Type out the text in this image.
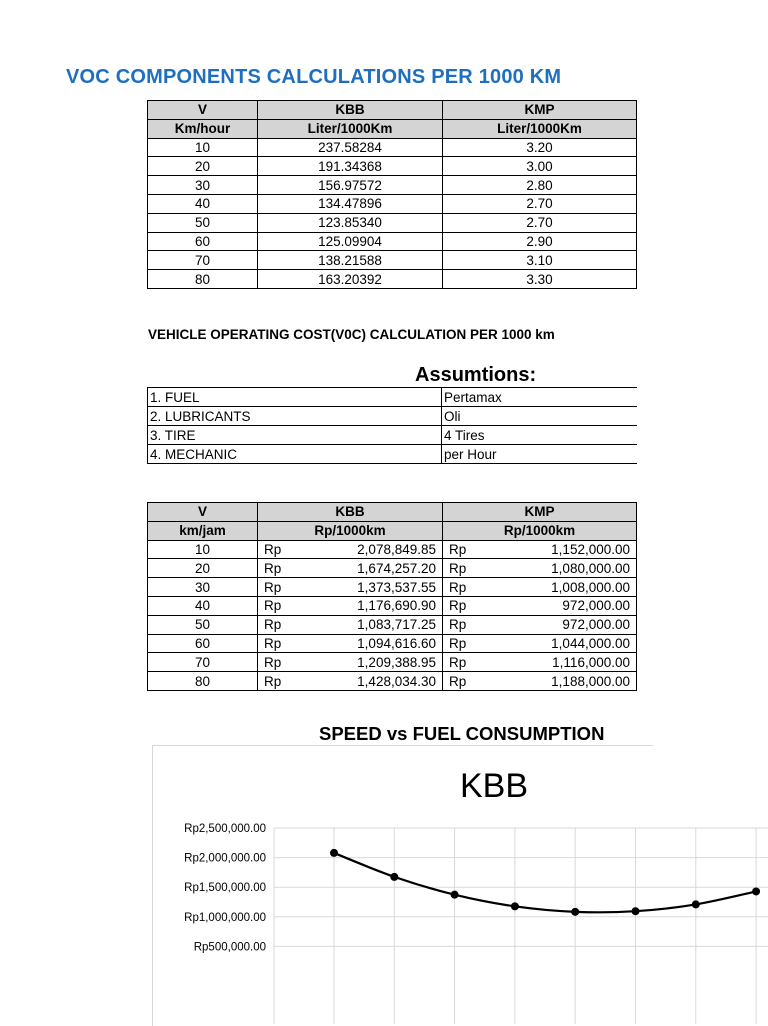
VOC COMPONENTS CALCULATIONS PER 1000 KM
V	KBB	KMP
Km/hour	Liter/1000Km	Liter/1000Km
10	237.58284	3.20
20	191.34368	3.00
30	156.97572	2.80
40	134.47896	2.70
50	123.85340	2.70
60	125.09904	2.90
70	138.21588	3.10
80	163.20392	3.30
VEHICLE OPERATING COST(V0C) CALCULATION PER 1000 km
Assumtions:
1. FUEL	Pertamax
2. LUBRICANTS	Oli
3. TIRE	4 Tires
4. MECHANIC	per Hour
V	KBB		KMP	
km/jam	Rp/1000km		Rp/1000km	
10	Rp	2,078,849.85	Rp	1,152,000.00
20	Rp	1,674,257.20	Rp	1,080,000.00
30	Rp	1,373,537.55	Rp	1,008,000.00
40	Rp	1,176,690.90	Rp	972,000.00
50	Rp	1,083,717.25	Rp	972,000.00
60	Rp	1,094,616.60	Rp	1,044,000.00
70	Rp	1,209,388.95	Rp	1,116,000.00
80	Rp	1,428,034.30	Rp	1,188,000.00
SPEED vs FUEL CONSUMPTION
KBB
Rp2,500,000.00
Rp2,000,000.00
Rp1,500,000.00
Rp1,000,000.00
Rp500,000.00
